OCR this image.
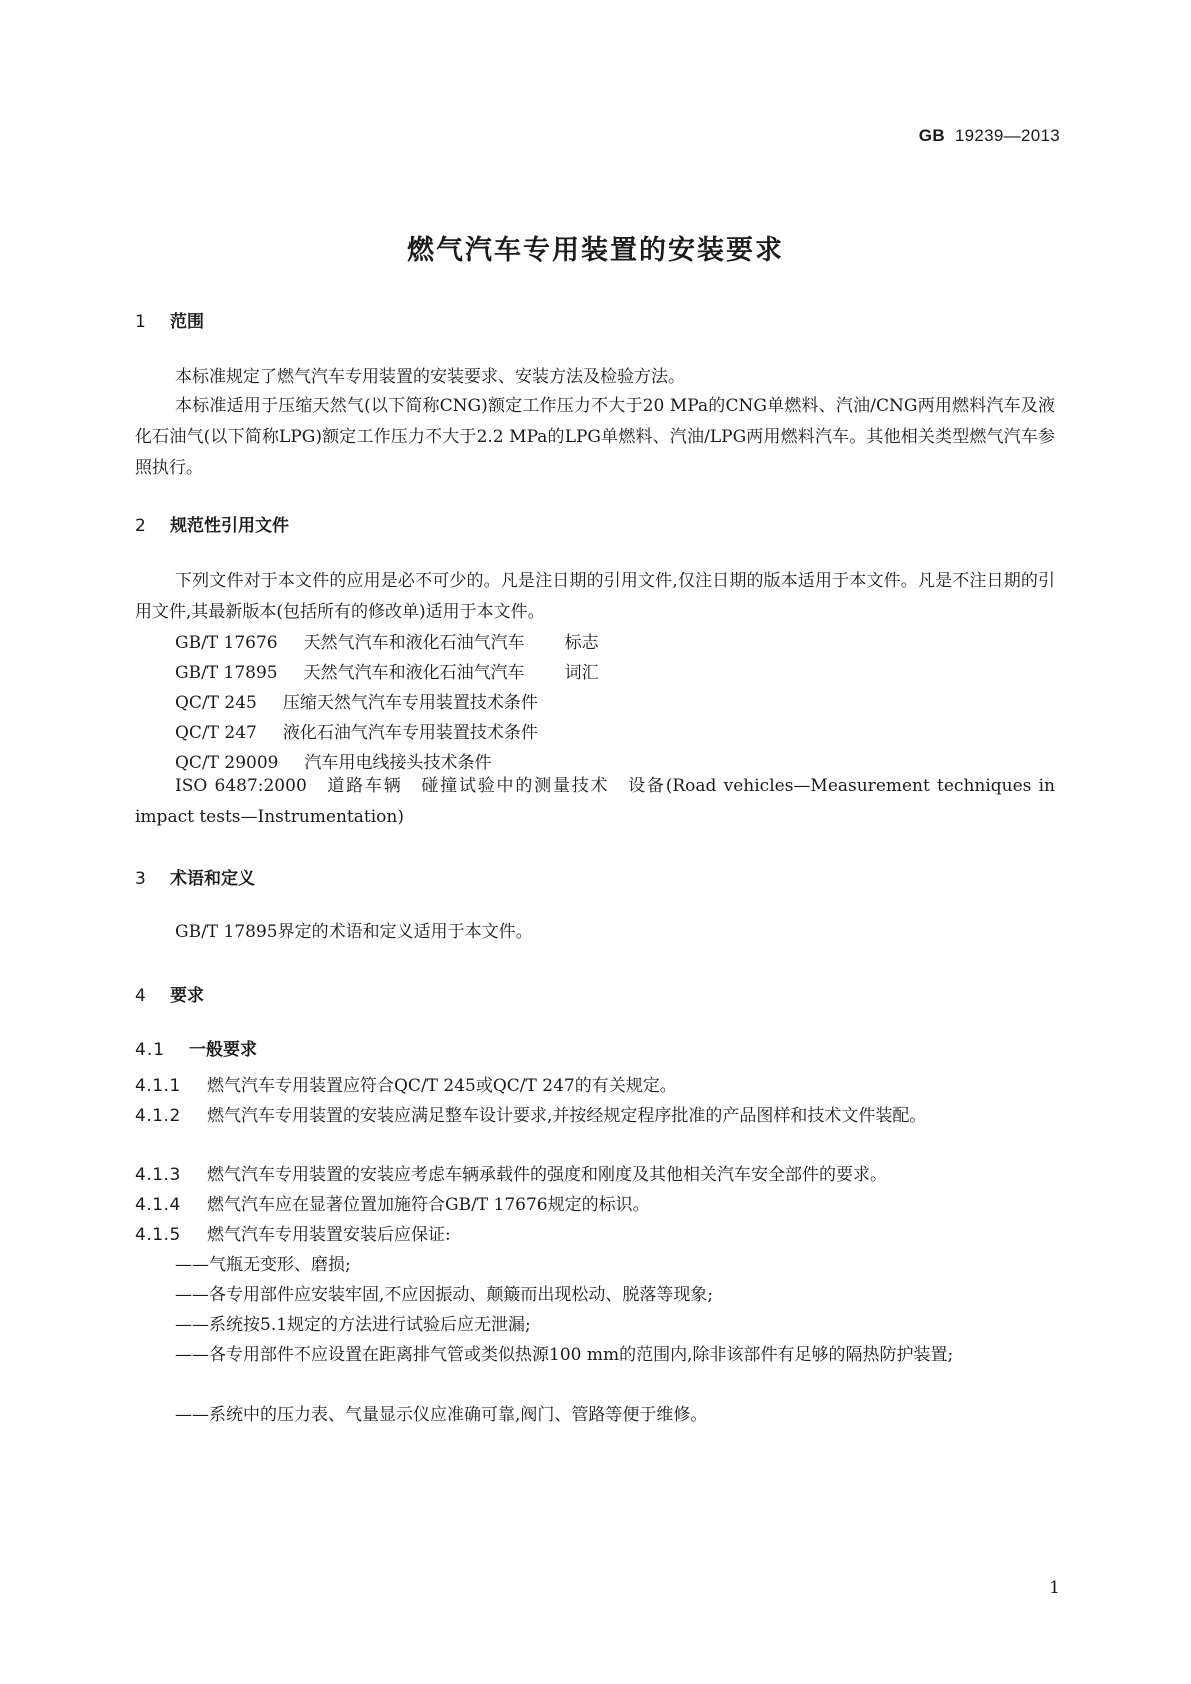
GB 19239—2013
燃气汽车专用装置的安装要求
1 范围
本标准规定了燃气汽车专用装置的安装要求、安装方法及检验方法。
本标准适用于压缩天然气(以下简称CNG)额定工作压力不大于20 MPa的CNG单燃料、汽油/CNG两用燃料汽车及液化石油气(以下简称LPG)额定工作压力不大于2.2 MPa的LPG单燃料、汽油/LPG两用燃料汽车。其他相关类型燃气汽车参照执行。
2 规范性引用文件
下列文件对于本文件的应用是必不可少的。凡是注日期的引用文件,仅注日期的版本适用于本文件。凡是不注日期的引用文件,其最新版本(包括所有的修改单)适用于本文件。
GB/T 17676 天然气汽车和液化石油气汽车 标志
GB/T 17895 天然气汽车和液化石油气汽车 词汇
QC/T 245 压缩天然气汽车专用装置技术条件
QC/T 247 液化石油气汽车专用装置技术条件
QC/T 29009 汽车用电线接头技术条件
ISO 6487:2000　道路车辆　碰撞试验中的测量技术　设备(Road vehicles—Measurement techniques in impact tests—Instrumentation)
3 术语和定义
GB/T 17895界定的术语和定义适用于本文件。
4 要求
4.1 一般要求
4.1.1 燃气汽车专用装置应符合QC/T 245或QC/T 247的有关规定。
4.1.2 燃气汽车专用装置的安装应满足整车设计要求,并按经规定程序批准的产品图样和技术文件装配。
4.1.3 燃气汽车专用装置的安装应考虑车辆承载件的强度和刚度及其他相关汽车安全部件的要求。
4.1.4 燃气汽车应在显著位置加施符合GB/T 17676规定的标识。
4.1.5 燃气汽车专用装置安装后应保证:
——气瓶无变形、磨损;
——各专用部件应安装牢固,不应因振动、颠簸而出现松动、脱落等现象;
——系统按5.1规定的方法进行试验后应无泄漏;
——各专用部件不应设置在距离排气管或类似热源100 mm的范围内,除非该部件有足够的隔热防护装置;
——系统中的压力表、气量显示仪应准确可靠,阀门、管路等便于维修。
1
